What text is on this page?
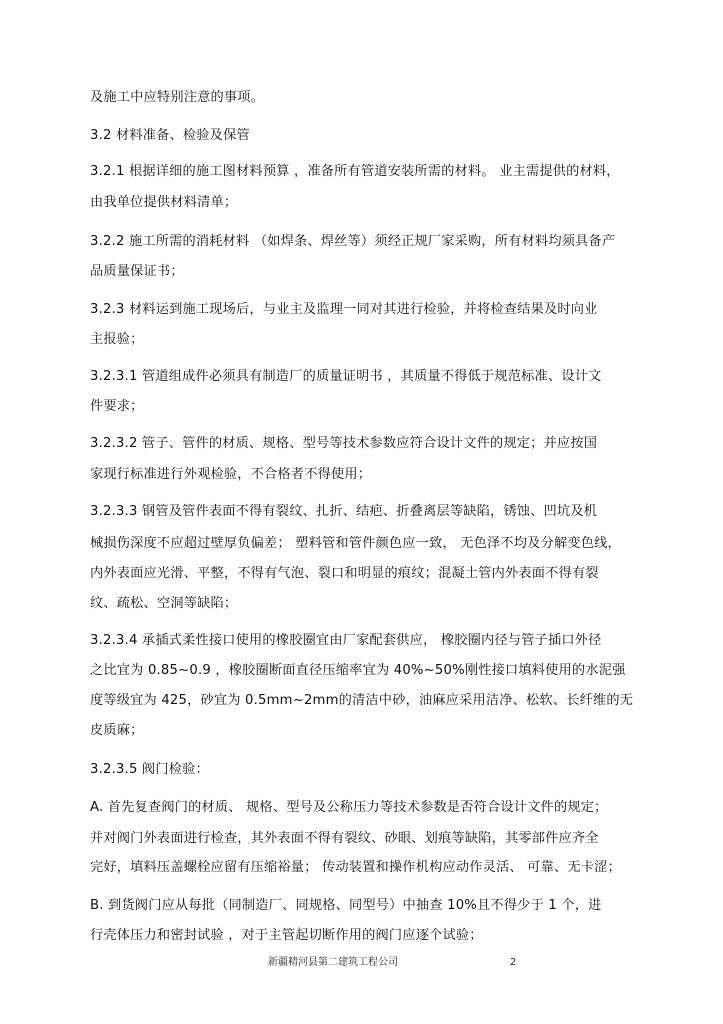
及施工中应特别注意的事项。
3.2 材料准备、检验及保管
3.2.1 根据详细的施工图材料预算 ，准备所有管道安装所需的材料。 业主需提供的材料，
由我单位提供材料清单；
3.2.2 施工所需的消耗材料 （如焊条、焊丝等）须经正规厂家采购，所有材料均须具备产
品质量保证书；
3.2.3 材料运到施工现场后，与业主及监理一同对其进行检验，并将检查结果及时向业
主报验；
3.2.3.1 管道组成件必须具有制造厂的质量证明书 ，其质量不得低于规范标准、设计文
件要求；
3.2.3.2 管子、管件的材质、规格、型号等技术参数应符合设计文件的规定；并应按国
家现行标准进行外观检验，不合格者不得使用；
3.2.3.3 钢管及管件表面不得有裂纹、扎折、结疤、折叠离层等缺陷，锈蚀、凹坑及机
械损伤深度不应超过壁厚负偏差； 塑料管和管件颜色应一致， 无色泽不均及分解变色线，
内外表面应光滑、平整，不得有气泡、裂口和明显的痕纹；混凝土管内外表面不得有裂
纹、疏松、空洞等缺陷；
3.2.3.4 承插式柔性接口使用的橡胶圈宜由厂家配套供应， 橡胶圈内径与管子插口外径
之比宜为 0.85~0.9 ，橡胶圈断面直径压缩率宜为 40%~50%刚性接口填料使用的水泥强
度等级宜为 425，砂宜为 0.5mm~2mm的清洁中砂，油麻应采用洁净、松软、长纤维的无
皮质麻；
3.2.3.5 阀门检验：
A. 首先复查阀门的材质、 规格、型号及公称压力等技术参数是否符合设计文件的规定；
并对阀门外表面进行检查，其外表面不得有裂纹、砂眼、划痕等缺陷，其零部件应齐全
完好，填料压盖螺栓应留有压缩裕量； 传动装置和操作机构应动作灵活、 可靠、无卡涩；
B. 到货阀门应从每批（同制造厂、同规格、同型号）中抽查 10%且不得少于 1 个，进
行壳体压力和密封试验 ，对于主管起切断作用的阀门应逐个试验；
新疆精河县第二建筑工程公司	2
